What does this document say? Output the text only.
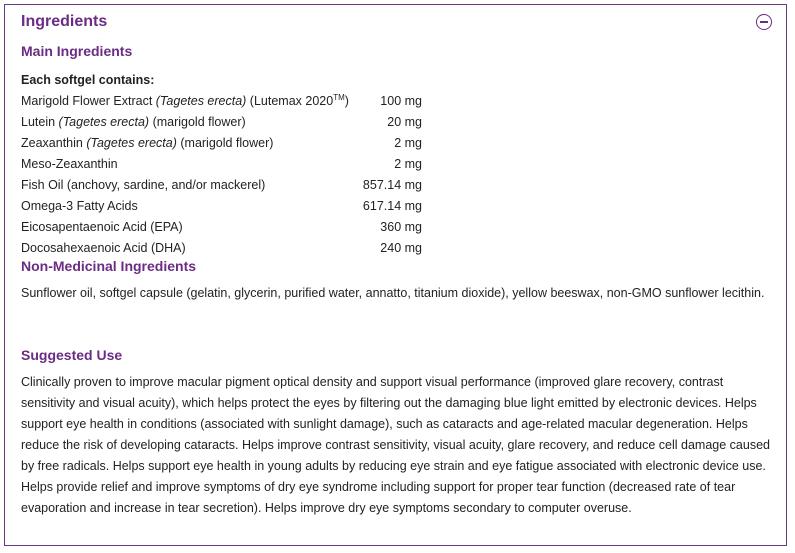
Ingredients
Main Ingredients
Each softgel contains:	
Marigold Flower Extract (Tagetes erecta) (Lutemax 2020™)	100 mg
Lutein (Tagetes erecta) (marigold flower)	20 mg
Zeaxanthin (Tagetes erecta) (marigold flower)	2 mg
Meso-Zeaxanthin	2 mg
Fish Oil (anchovy, sardine, and/or mackerel)	857.14 mg
Omega-3 Fatty Acids	617.14 mg
Eicosapentaenoic Acid (EPA)	360 mg
Docosahexaenoic Acid (DHA)	240 mg
Non-Medicinal Ingredients
Sunflower oil, softgel capsule (gelatin, glycerin, purified water, annatto, titanium dioxide), yellow beeswax, non-GMO sunflower lecithin.
Suggested Use
Clinically proven to improve macular pigment optical density and support visual performance (improved glare recovery, contrast sensitivity and visual acuity), which helps protect the eyes by filtering out the damaging blue light emitted by electronic devices. Helps support eye health in conditions (associated with sunlight damage), such as cataracts and age-related macular degeneration. Helps reduce the risk of developing cataracts. Helps improve contrast sensitivity, visual acuity, glare recovery, and reduce cell damage caused by free radicals. Helps support eye health in young adults by reducing eye strain and eye fatigue associated with electronic device use. Helps provide relief and improve symptoms of dry eye syndrome including support for proper tear function (decreased rate of tear evaporation and increase in tear secretion). Helps improve dry eye symptoms secondary to computer overuse.
